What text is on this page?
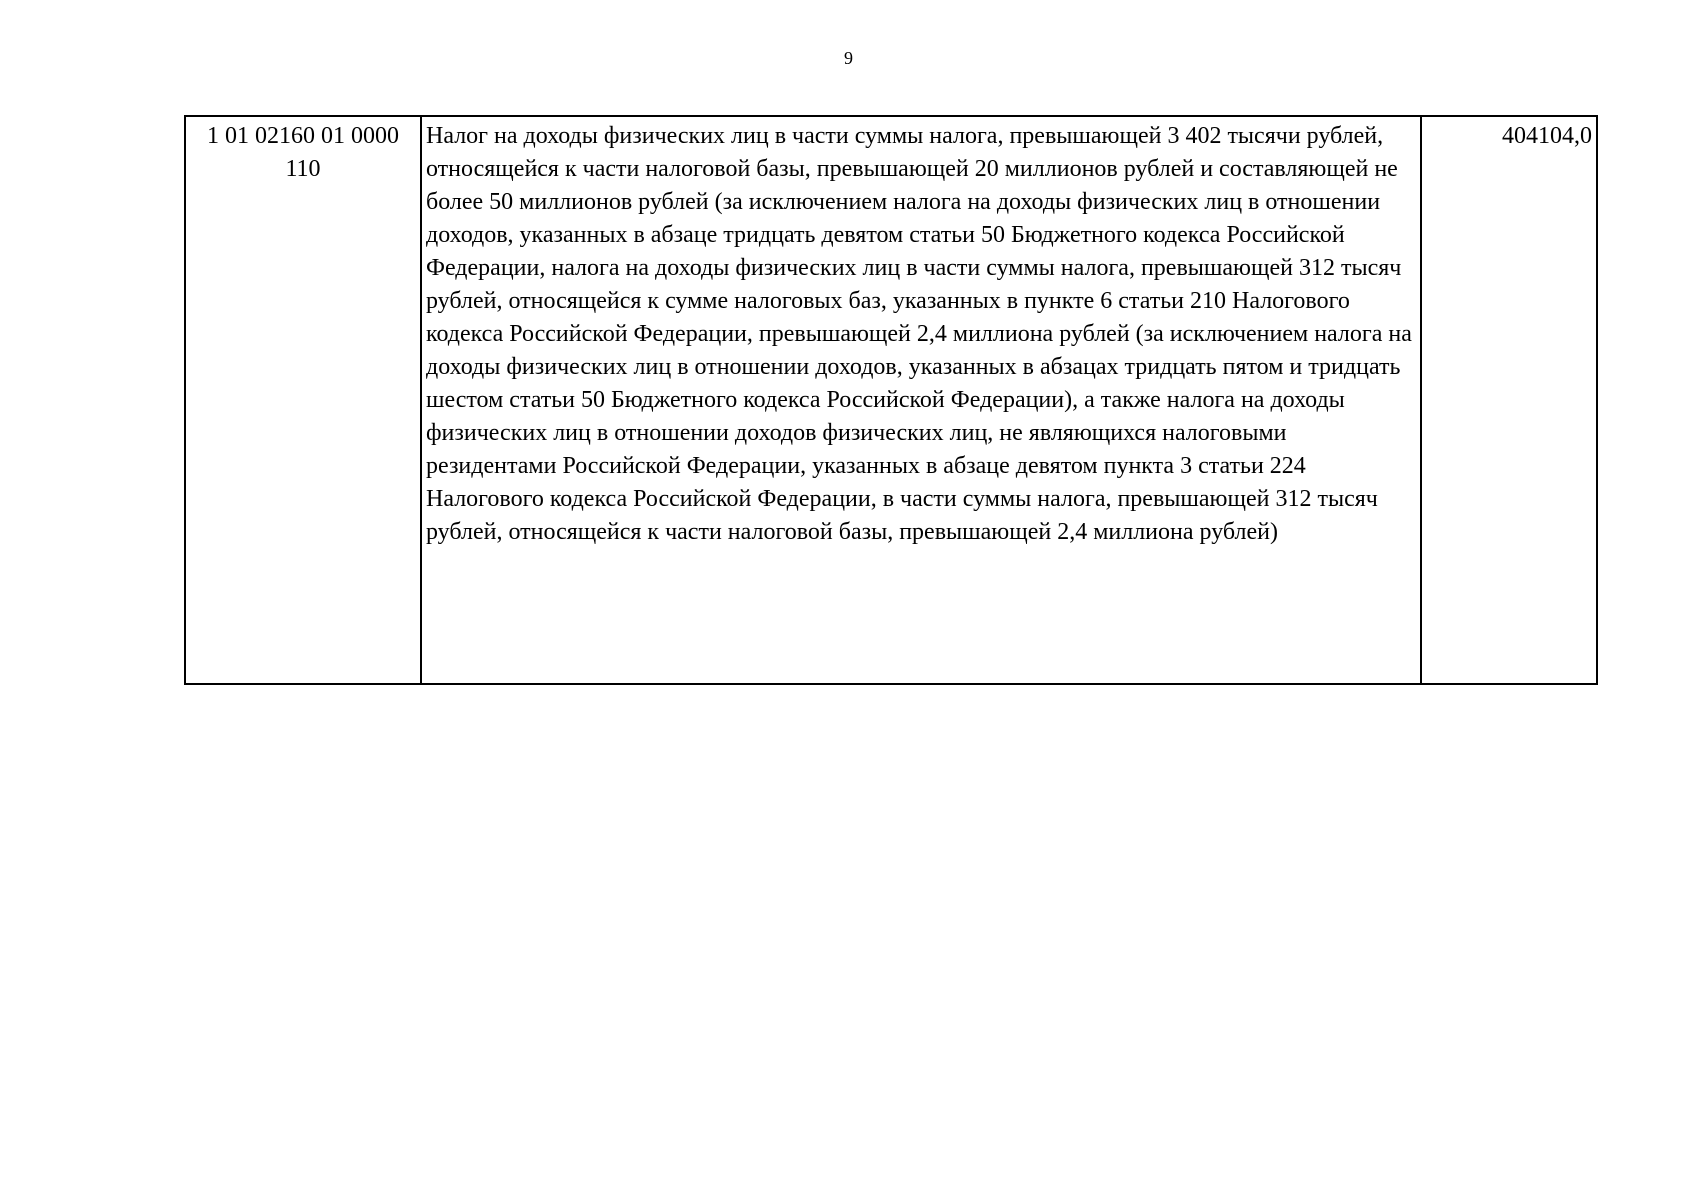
9
1 01 02160 01 0000 110	Налог на доходы физических лиц в части суммы налога, превышающей 3 402 тысячи рублей, относящейся к части налоговой базы, превышающей 20 миллионов рублей и составляющей не более 50 миллионов рублей (за исключением налога на доходы физических лиц в отношении доходов, указанных в абзаце тридцать девятом статьи 50 Бюджетного кодекса Российской Федерации, налога на доходы физических лиц в части суммы налога, превышающей 312 тысяч рублей, относящейся к сумме налоговых баз, указанных в пункте 6 статьи 210 Налогового кодекса Российской Федерации, превышающей 2,4 миллиона рублей (за исключением налога на доходы физических лиц в отношении доходов, указанных в абзацах тридцать пятом и тридцать шестом статьи 50 Бюджетного кодекса Российской Федерации), а также налога на доходы физических лиц в отношении доходов физических лиц, не являющихся налоговыми резидентами Российской Федерации, указанных в абзаце девятом пункта 3 статьи 224 Налогового кодекса Российской Федерации, в части суммы налога, превышающей 312 тысяч рублей, относящейся к части налоговой базы, превышающей 2,4 миллиона рублей)	404104,0
